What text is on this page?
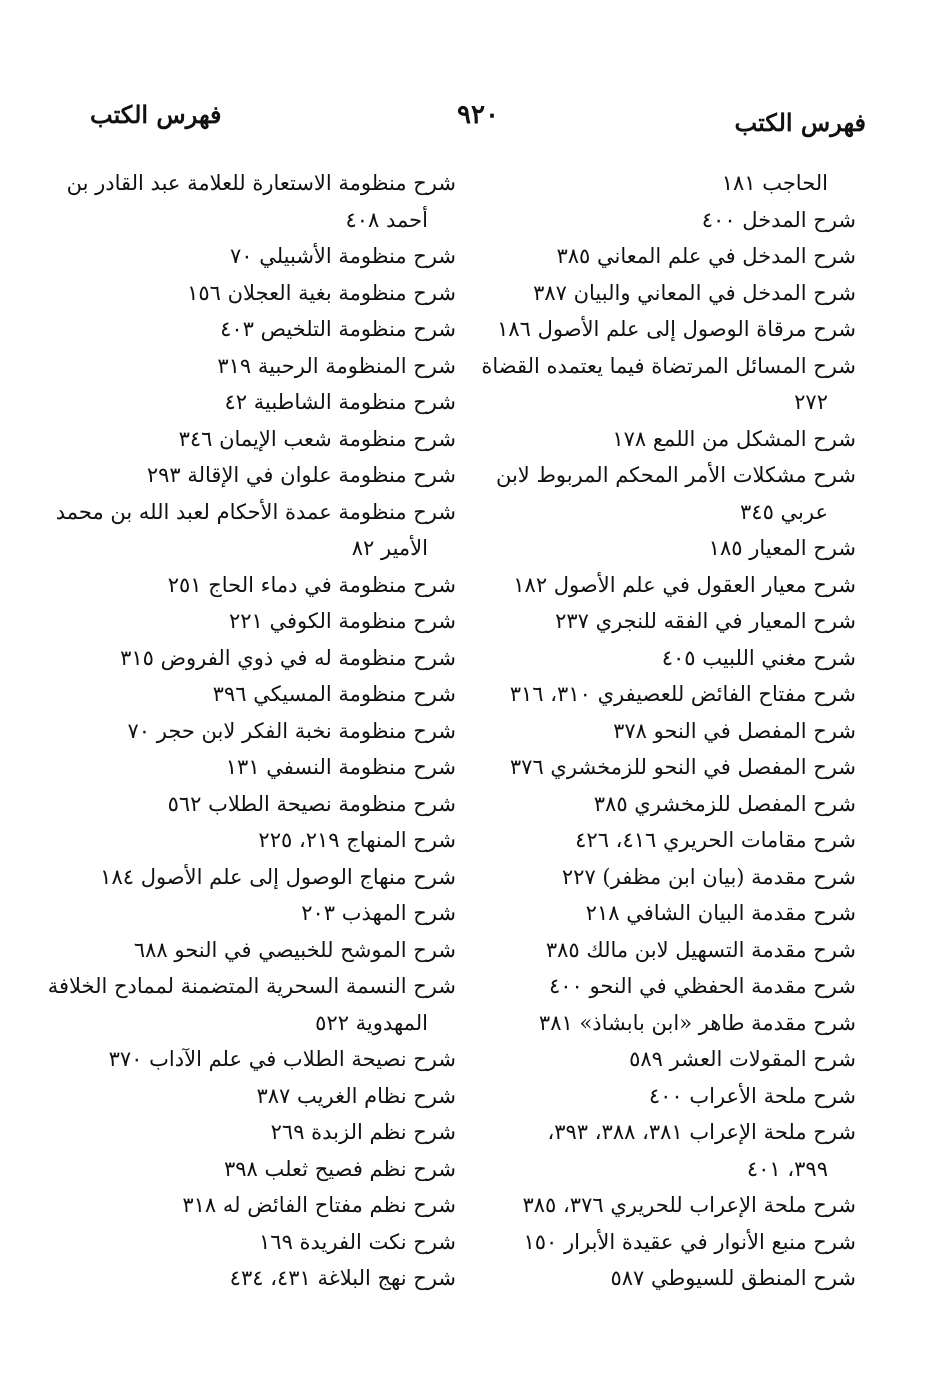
فهرس الكتب
٩٢٠
فهرس الكتب
الحاجب ١٨١
شرح المدخل ٤٠٠
شرح المدخل في علم المعاني ٣٨٥
شرح المدخل في المعاني والبيان ٣٨٧
شرح مرقاة الوصول إلى علم الأصول ١٨٦
شرح المسائل المرتضاة فيما يعتمده القضاة
٢٧٢
شرح المشكل من اللمع ١٧٨
شرح مشكلات الأمر المحكم المربوط لابن
عربي ٣٤٥
شرح المعيار ١٨٥
شرح معيار العقول في علم الأصول ١٨٢
شرح المعيار في الفقه للنجري ٢٣٧
شرح مغني اللبيب ٤٠٥
شرح مفتاح الفائض للعصيفري ٣١٠، ٣١٦
شرح المفصل في النحو ٣٧٨
شرح المفصل في النحو للزمخشري ٣٧٦
شرح المفصل للزمخشري ٣٨٥
شرح مقامات الحريري ٤١٦، ٤٢٦
شرح مقدمة (بيان ابن مظفر) ٢٢٧
شرح مقدمة البيان الشافي ٢١٨
شرح مقدمة التسهيل لابن مالك ٣٨٥
شرح مقدمة الحفظي في النحو ٤٠٠
شرح مقدمة طاهر «ابن بابشاذ» ٣٨١
شرح المقولات العشر ٥٨٩
شرح ملحة الأعراب ٤٠٠
شرح ملحة الإعراب ٣٨١، ٣٨٨، ٣٩٣،
٣٩٩، ٤٠١
شرح ملحة الإعراب للحريري ٣٧٦، ٣٨٥
شرح منبع الأنوار في عقيدة الأبرار ١٥٠
شرح المنطق للسيوطي ٥٨٧
شرح منظومة الاستعارة للعلامة عبد القادر بن
أحمد ٤٠٨
شرح منظومة الأشبيلي ٧٠
شرح منظومة بغية العجلان ١٥٦
شرح منظومة التلخيص ٤٠٣
شرح المنظومة الرحبية ٣١٩
شرح منظومة الشاطبية ٤٢
شرح منظومة شعب الإيمان ٣٤٦
شرح منظومة علوان في الإقالة ٢٩٣
شرح منظومة عمدة الأحكام لعبد الله بن محمد
الأمير ٨٢
شرح منظومة في دماء الحاج ٢٥١
شرح منظومة الكوفي ٢٢١
شرح منظومة له في ذوي الفروض ٣١٥
شرح منظومة المسيكي ٣٩٦
شرح منظومة نخبة الفكر لابن حجر ٧٠
شرح منظومة النسفي ١٣١
شرح منظومة نصيحة الطلاب ٥٦٢
شرح المنهاج ٢١٩، ٢٢٥
شرح منهاج الوصول إلى علم الأصول ١٨٤
شرح المهذب ٢٠٣
شرح الموشح للخبيصي في النحو ٦٨٨
شرح النسمة السحرية المتضمنة لممادح الخلافة
المهدوية ٥٢٢
شرح نصيحة الطلاب في علم الآداب ٣٧٠
شرح نظام الغريب ٣٨٧
شرح نظم الزبدة ٢٦٩
شرح نظم فصيح ثعلب ٣٩٨
شرح نظم مفتاح الفائض له ٣١٨
شرح نكت الفريدة ١٦٩
شرح نهج البلاغة ٤٣١، ٤٣٤
